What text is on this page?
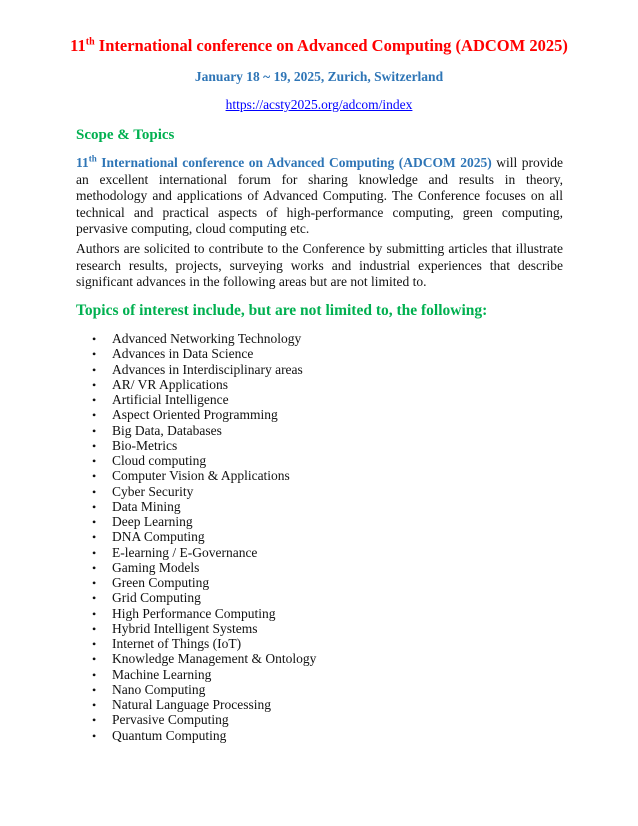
11th International conference on Advanced Computing (ADCOM 2025)
January 18 ~ 19, 2025, Zurich, Switzerland
https://acsty2025.org/adcom/index
Scope & Topics

11th International conference on Advanced Computing (ADCOM 2025) will provide an excellent international forum for sharing knowledge and results in theory, methodology and applications of Advanced Computing. The Conference focuses on all technical and practical aspects of high-performance computing, green computing, pervasive computing, cloud computing etc.

Authors are solicited to contribute to the Conference by submitting articles that illustrate research results, projects, surveying works and industrial experiences that describe significant advances in the following areas but are not limited to.

Topics of interest include, but are not limited to, the following:
• Advanced Networking Technology
• Advances in Data Science
• Advances in Interdisciplinary areas
• AR/ VR Applications
• Artificial Intelligence
• Aspect Oriented Programming
• Big Data, Databases
• Bio-Metrics
• Cloud computing
• Computer Vision & Applications
• Cyber Security
• Data Mining
• Deep Learning
• DNA Computing
• E-learning / E-Governance
• Gaming Models
• Green Computing
• Grid Computing
• High Performance Computing
• Hybrid Intelligent Systems
• Internet of Things (IoT)
• Knowledge Management & Ontology
• Machine Learning
• Nano Computing
• Natural Language Processing
• Pervasive Computing
• Quantum Computing
